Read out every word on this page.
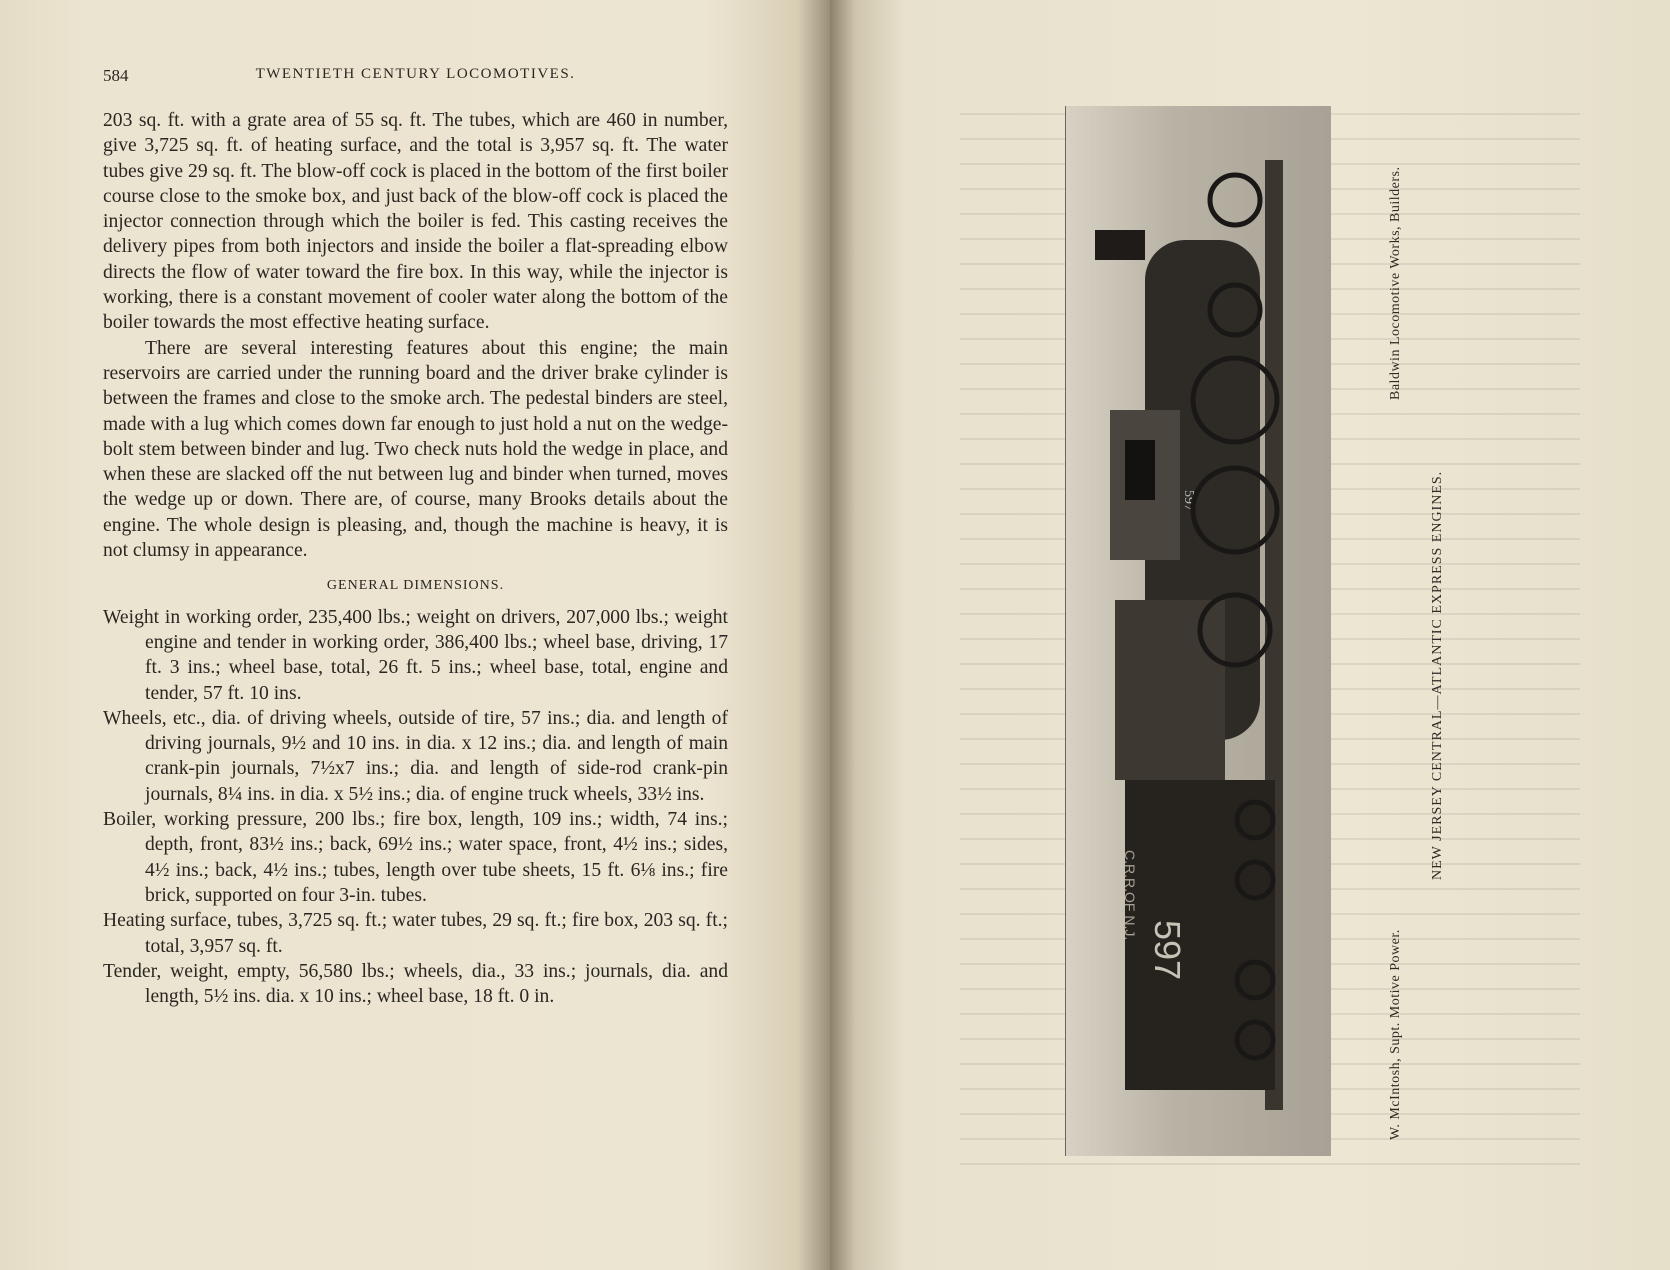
584	TWENTIETH CENTURY LOCOMOTIVES.

203 sq. ft. with a grate area of 55 sq. ft. The tubes, which are 460 in number, give 3,725 sq. ft. of heating surface, and the total is 3,957 sq. ft. The water tubes give 29 sq. ft. The blow-off cock is placed in the bottom of the first boiler course close to the smoke box, and just back of the blow-off cock is placed the injector connection through which the boiler is fed. This casting receives the delivery pipes from both injectors and inside the boiler a flat-spreading elbow directs the flow of water toward the fire box. In this way, while the injector is working, there is a constant movement of cooler water along the bottom of the boiler towards the most effective heating surface.

There are several interesting features about this engine; the main reservoirs are carried under the running board and the driver brake cylinder is between the frames and close to the smoke arch. The pedestal binders are steel, made with a lug which comes down far enough to just hold a nut on the wedge-bolt stem between binder and lug. Two check nuts hold the wedge in place, and when these are slacked off the nut between lug and binder when turned, moves the wedge up or down. There are, of course, many Brooks details about the engine. The whole design is pleasing, and, though the machine is heavy, it is not clumsy in appearance.

GENERAL DIMENSIONS.

Weight in working order, 235,400 lbs.; weight on drivers, 207,000 lbs.; weight engine and tender in working order, 386,400 lbs.; wheel base, driving, 17 ft. 3 ins.; wheel base, total, 26 ft. 5 ins.; wheel base, total, engine and tender, 57 ft. 10 ins.

Wheels, etc., dia. of driving wheels, outside of tire, 57 ins.; dia. and length of driving journals, 9½ and 10 ins. in dia. x 12 ins.; dia. and length of main crank-pin journals, 7½x7 ins.; dia. and length of side-rod crank-pin journals, 8¼ ins. in dia. x 5½ ins.; dia. of engine truck wheels, 33½ ins.

Boiler, working pressure, 200 lbs.; fire box, length, 109 ins.; width, 74 ins.; depth, front, 83½ ins.; back, 69½ ins.; water space, front, 4½ ins.; sides, 4½ ins.; back, 4½ ins.; tubes, length over tube sheets, 15 ft. 6⅛ ins.; fire brick, supported on four 3-in. tubes.

Heating surface, tubes, 3,725 sq. ft.; water tubes, 29 sq. ft.; fire box, 203 sq. ft.; total, 3,957 sq. ft.

Tender, weight, empty, 56,580 lbs.; wheels, dia., 33 ins.; journals, dia. and length, 5½ ins. dia. x 10 ins.; wheel base, 18 ft. 0 in.

597
597
C.R.R.OF N.J.
Baldwin Locomotive Works, Builders.
NEW JERSEY CENTRAL—ATLANTIC EXPRESS ENGINES.
W. McIntosh, Supt. Motive Power.
